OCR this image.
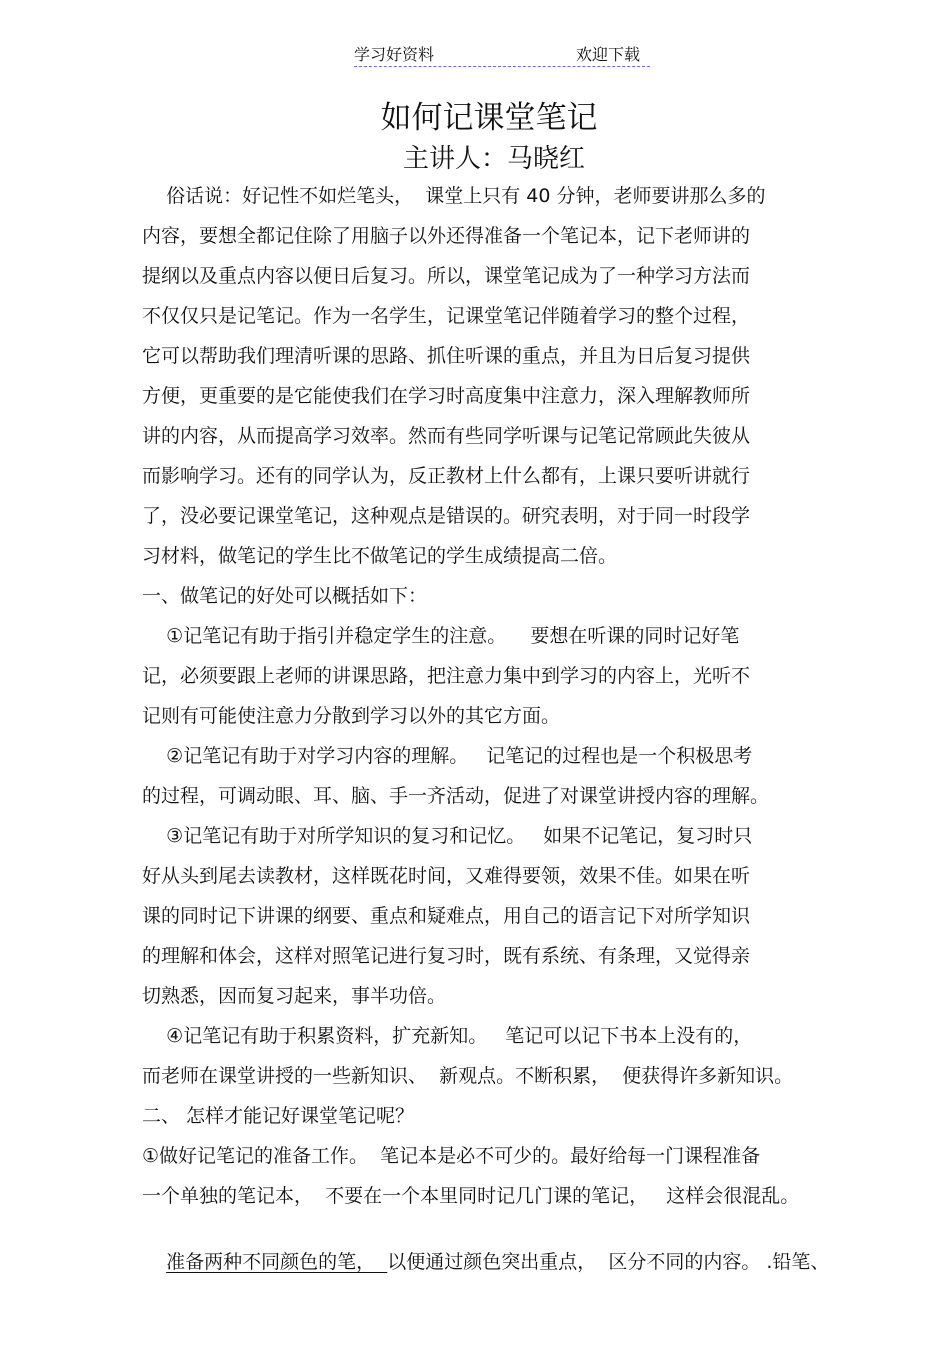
学习好资料	欢迎下载
如何记课堂笔记
主讲人：马晓红
俗话说：好记性不如烂笔头，  课堂上只有 40 分钟，老师要讲那么多的
内容，要想全都记住除了用脑子以外还得准备一个笔记本，记下老师讲的
提纲以及重点内容以便日后复习。所以，课堂笔记成为了一种学习方法而
不仅仅只是记笔记。作为一名学生，记课堂笔记伴随着学习的整个过程，
它可以帮助我们理清听课的思路、抓住听课的重点，并且为日后复习提供
方便，更重要的是它能使我们在学习时高度集中注意力，深入理解教师所
讲的内容，从而提高学习效率。然而有些同学听课与记笔记常顾此失彼从
而影响学习。还有的同学认为，反正教材上什么都有，上课只要听讲就行
了，没必要记课堂笔记，这种观点是错误的。研究表明，对于同一时段学
习材料，做笔记的学生比不做笔记的学生成绩提高二倍。
一、做笔记的好处可以概括如下：
①记笔记有助于指引并稳定学生的注意。    要想在听课的同时记好笔
记，必须要跟上老师的讲课思路，把注意力集中到学习的内容上，光听不
记则有可能使注意力分散到学习以外的其它方面。
②记笔记有助于对学习内容的理解。   记笔记的过程也是一个积极思考
的过程，可调动眼、耳、脑、手一齐活动，促进了对课堂讲授内容的理解。
③记笔记有助于对所学知识的复习和记忆。   如果不记笔记，复习时只
好从头到尾去读教材，这样既花时间，又难得要领，效果不佳。如果在听
课的同时记下讲课的纲要、重点和疑难点，用自己的语言记下对所学知识
的理解和体会，这样对照笔记进行复习时，既有系统、有条理，又觉得亲
切熟悉，因而复习起来，事半功倍。
④记笔记有助于积累资料，扩充新知。   笔记可以记下书本上没有的，
而老师在课堂讲授的一些新知识、  新观点。不断积累，  便获得许多新知识。
二、 怎样才能记好课堂笔记呢？
①做好记笔记的准备工作。  笔记本是必不可少的。最好给每一门课程准备
一个单独的笔记本，  不要在一个本里同时记几门课的笔记，   这样会很混乱。

准备两种不同颜色的笔，  以便通过颜色突出重点，  区分不同的内容。 .铅笔、
